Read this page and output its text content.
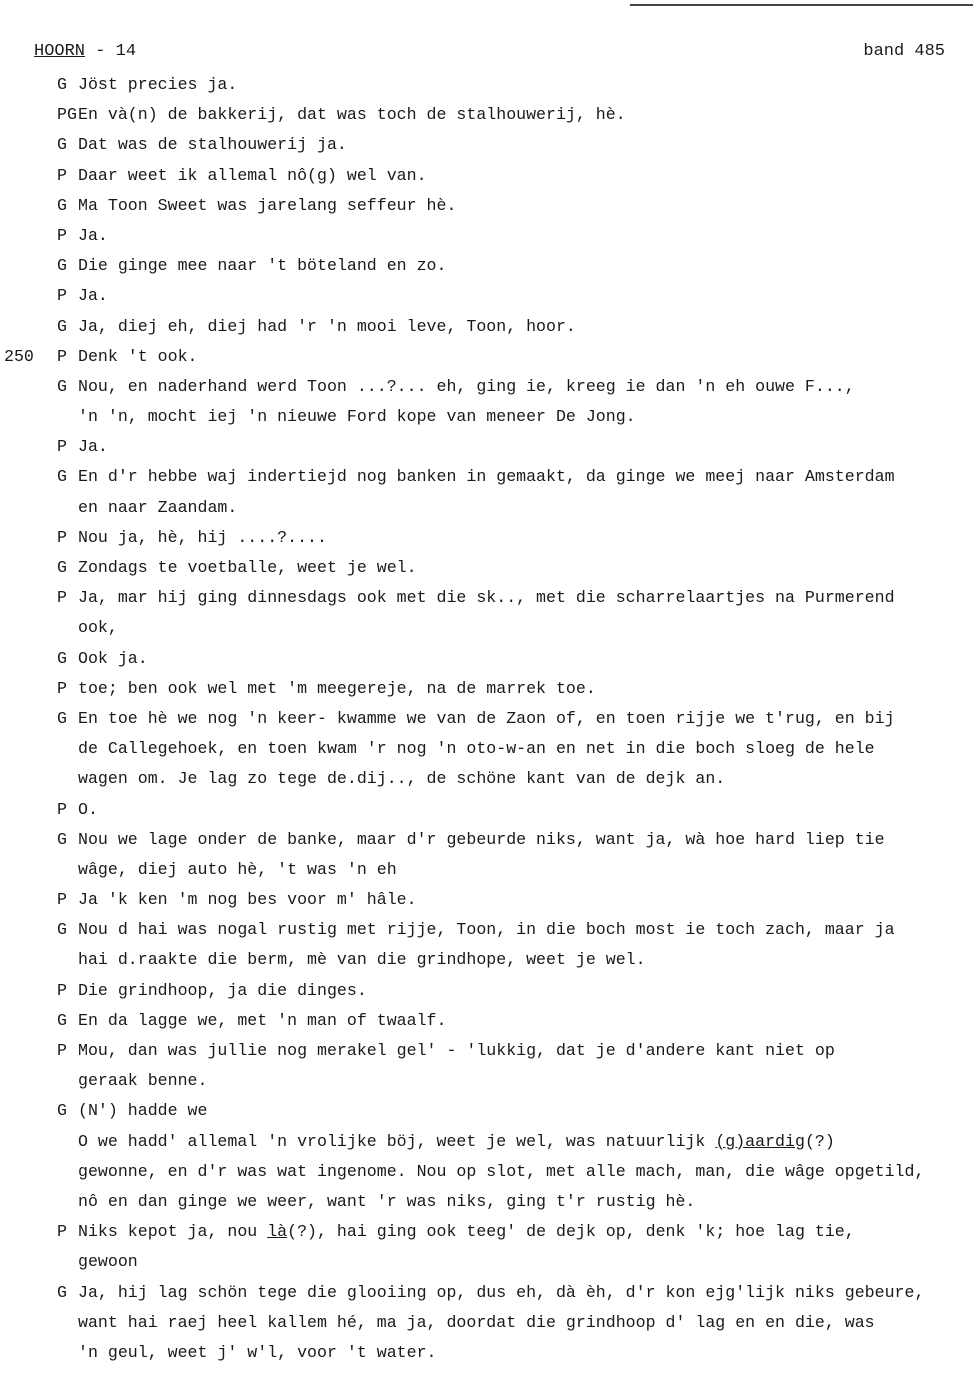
HOORN - 14	band 485
G Jöst precies ja.
PG En và(n) de bakkerij, dat was toch de stalhouwerij, hè.
G Dat was de stalhouwerij ja.
P Daar weet ik allemal nô(g) wel van.
G Ma Toon Sweet was jarelang seffeur hè.
P Ja.
G Die ginge mee naar 't böteland en zo.
P Ja.
G Ja, diej eh, diej had 'r 'n mooi leve, Toon, hoor.
250 P Denk 't ook.
G Nou, en naderhand werd Toon ...?... eh, ging ie, kreeg ie dan 'n eh ouwe F...,
'n 'n, mocht iej 'n nieuwe Ford kope van meneer De Jong.
P Ja.
G En d'r hebbe waj indertiejd nog banken in gemaakt, da ginge we meej naar Amsterdam
en naar Zaandam.
P Nou ja, hè, hij ....?....
G Zondags te voetballe, weet je wel.
P Ja, mar hij ging dinnesdags ook met die sk.., met die scharrelaartjes na Purmerend
ook,
G Ook ja.
P toe; ben ook wel met 'm meegereje, na de marrek toe.
G En toe hè we nog 'n keer- kwamme we van de Zaon of, en toen rijje we t'rug, en bij
de Callegehoek, en toen kwam 'r nog 'n oto-w-an en net in die boch sloeg de hele
wagen om. Je lag zo tege de.dij.., de schöne kant van de dejk an.
P O.
G Nou we lage onder de banke, maar d'r gebeurde niks, want ja, wà hoe hard liep tie
wâge, diej auto hè, 't was 'n eh
P Ja 'k ken 'm nog bes voor m' hâle.
G Nou d hai was nogal rustig met rijje, Toon, in die boch most ie toch zach, maar ja
hai d.raakte die berm, mè van die grindhope, weet je wel.
P Die grindhoop, ja die dinges.
G En da lagge we, met 'n man of twaalf.
P Mou, dan was jullie nog merakel gel' - 'lukkig, dat je d'andere kant niet op
geraak benne.
G (N') hadde we
O we hadd' allemal 'n vrolijke böj, weet je wel, was natuurlijk (g)aardig(?)
gewonne, en d'r was wat ingenome. Nou op slot, met alle mach, man, die wâge opgetild,
nô en dan ginge we weer, want 'r was niks, ging t'r rustig hè.
P Niks kepot ja, nou là(?), hai ging ook teeg' de dejk op, denk 'k; hoe lag tie,
gewoon
G Ja, hij lag schön tege die glooiing op, dus eh, dà èh, d'r kon ejg'lijk niks gebeure,
want hai raej heel kallem hé, ma ja, doordat die grindhoop d' lag en en die, was
'n geul, weet j' w'l, voor 't water.
